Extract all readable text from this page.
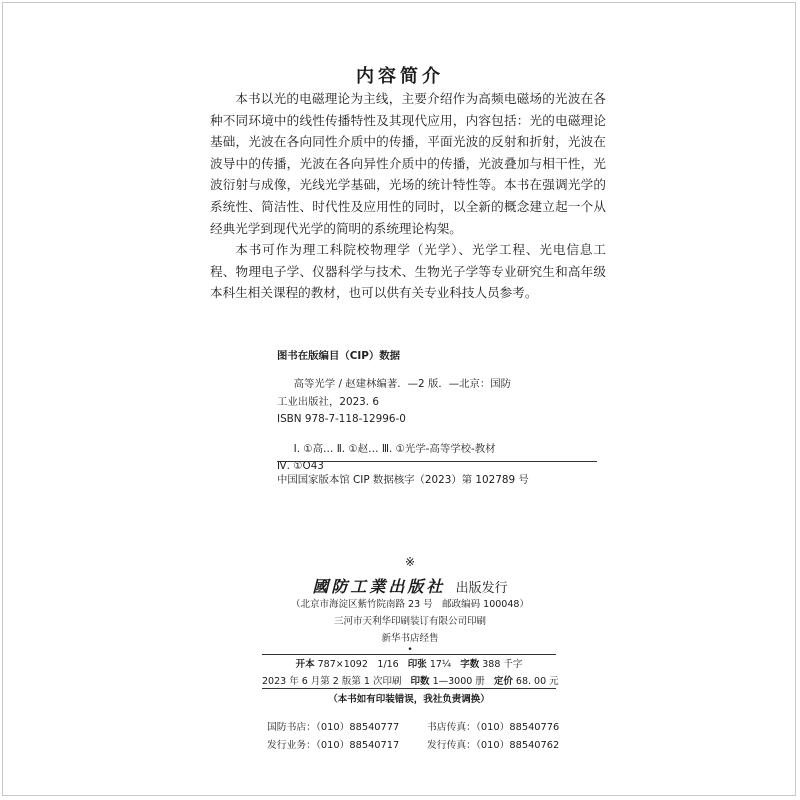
内容简介

本书以光的电磁理论为主线，主要介绍作为高频电磁场的光波在各种不同环境中的线性传播特性及其现代应用，内容包括：光的电磁理论基础，光波在各向同性介质中的传播，平面光波的反射和折射，光波在波导中的传播，光波在各向异性介质中的传播，光波叠加与相干性，光波衍射与成像，光线光学基础，光场的统计特性等。本书在强调光学的系统性、简洁性、时代性及应用性的同时，以全新的概念建立起一个从经典光学到现代光学的简明的系统理论构架。

本书可作为理工科院校物理学（光学）、光学工程、光电信息工程、物理电子学、仪器科学与技术、生物光子学等专业研究生和高年级本科生相关课程的教材，也可以供有关专业科技人员参考。

图书在版编目（CIP）数据

高等光学 / 赵建林编著．—2 版．—北京：国防

工业出版社，2023. 6

ISBN 978-7-118-12996-0

Ⅰ. ①高… Ⅱ. ①赵… Ⅲ. ①光学-高等学校-教材

Ⅳ. ①O43

中国国家版本馆 CIP 数据核字（2023）第 102789 号
※
國防工業出版社 出版发行
（北京市海淀区紫竹院南路 23 号　邮政编码 100048）
三河市天利华印刷装订有限公司印刷
新华书店经售
•
开本 787×1092　1/16 印张 17¼ 字数 388 千字
2023 年 6 月第 2 版第 1 次印刷 印数 1—3000 册 定价 68. 00 元
（本书如有印装错误，我社负责调换）
国防书店：（010）88540777	书店传真：（010）88540776
发行业务：（010）88540717	发行传真：（010）88540762
